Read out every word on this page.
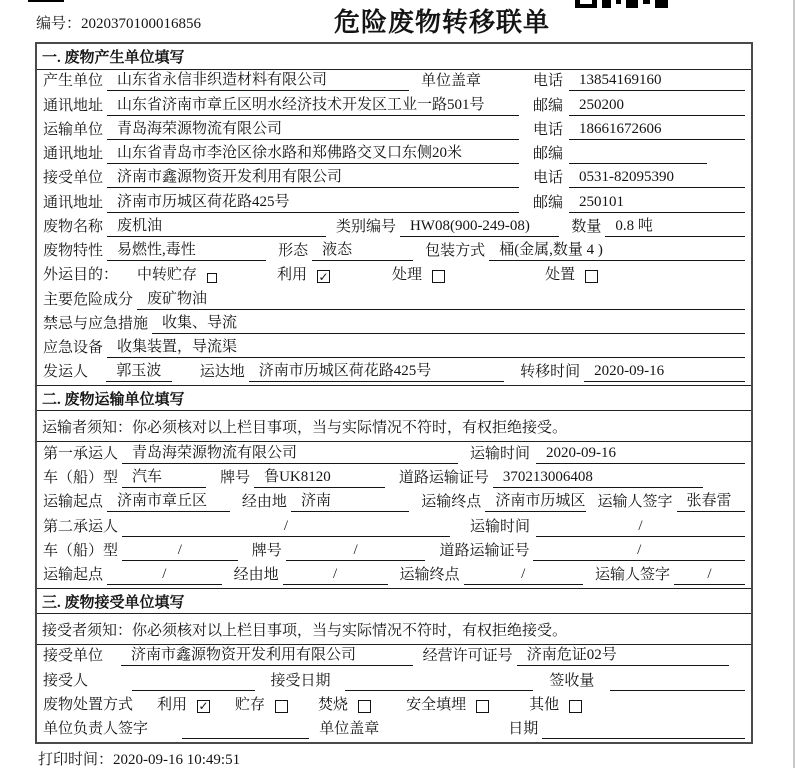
编号：2020370100016856	危险废物转移联单
一. 废物产生单位填写
产生单位 山东省永信非织造材料有限公司	单位盖章	电话	13854169160
通讯地址 山东省济南市章丘区明水经济技术开发区工业一路501号	邮编	250200
运输单位 青岛海荣源物流有限公司	电话	18661672606
通讯地址 山东省青岛市李沧区徐水路和郑佛路交叉口东侧20米	邮编
接受单位 济南市鑫源物资开发利用有限公司	电话	0531-82095390
通讯地址 济南市历城区荷花路425号	邮编	250101
废物名称 废机油	类别编号 HW08(900-249-08)	数量 0.8 吨
废物特性 易燃性,毒性	形态 液态	包装方式 桶(金属,数量 4 )
外运目的： 中转贮存	利用 ✓	处理	处置
主要危险成分 废矿物油
禁忌与应急措施 收集、导流
应急设备 收集装置，导流渠
发运人	郭玉波	运达地 济南市历城区荷花路425号	转移时间 2020-09-16
二. 废物运输单位填写
运输者须知：你必须核对以上栏目事项，当与实际情况不符时，有权拒绝接受。
第一承运人 青岛海荣源物流有限公司	运输时间	2020-09-16
车（船）型 汽车	牌号 鲁UK8120	道路运输证号 370213006408
运输起点 济南市章丘区	经由地 济南	运输终点 济南市历城区 运输人签字 张春雷
第二承运人	/	运输时间	/
车（船）型	/	牌号	/	道路运输证号	/
运输起点	/	经由地	/	运输终点	/	运输人签字	/
三. 废物接受单位填写
接受者须知：你必须核对以上栏目事项，当与实际情况不符时，有权拒绝接受。
接受单位	济南市鑫源物资开发利用有限公司	经营许可证号 济南危证02号
接受人	接受日期	签收量
废物处置方式 利用 ✓ 贮存	焚烧	安全填埋	其他
单位负责人签字	单位盖章	日期
打印时间：2020-09-16 10:49:51
